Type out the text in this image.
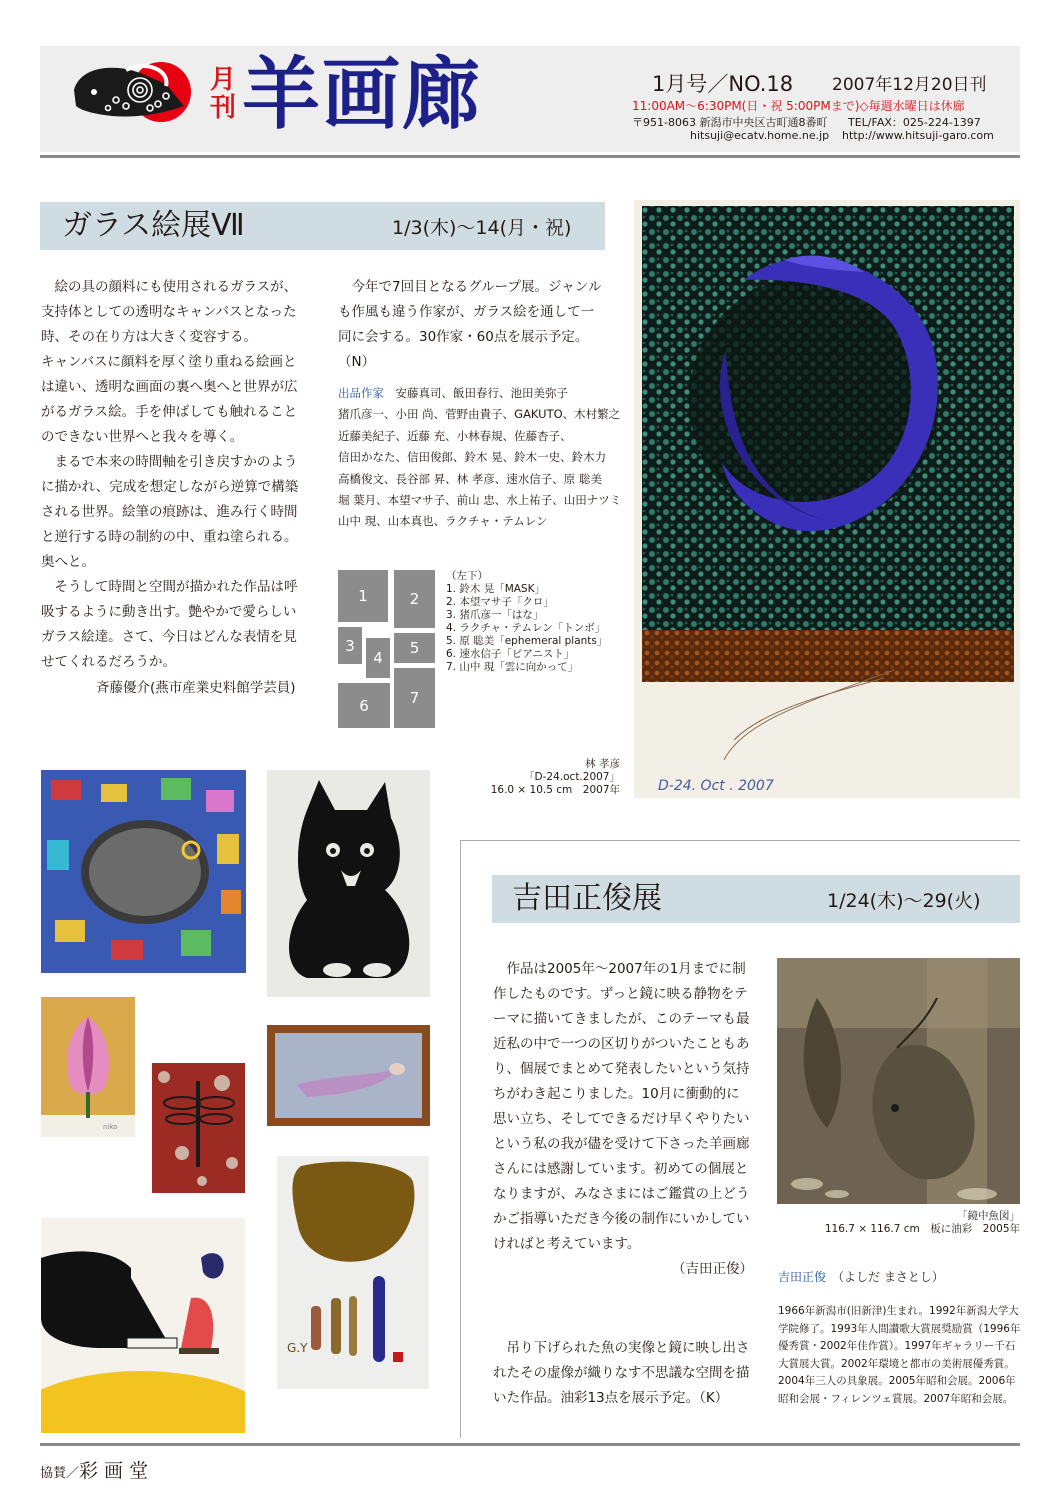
月刊 羊画廊	1月号／NO.18 2007年12月20日刊
11:00AM〜6:30PM(日・祝 5:00PMまで)◇毎週水曜日は休廊
〒951-8063 新潟市中央区古町通8番町 TEL/FAX：025-224-1397
hitsuji@ecatv.home.ne.jp http://www.hitsuji-garo.com
ガラス絵展Ⅶ	1/3(木)〜14(月・祝)

絵の具の顔料にも使用されるガラスが、支持体としての透明なキャンバスとなった時、その在り方は大きく変容する。

キャンバスに顔料を厚く塗り重ねる絵画とは違い、透明な画面の裏へ奥へと世界が広がるガラス絵。手を伸ばしても触れることのできない世界へと我々を導く。

まるで本来の時間軸を引き戻すかのように描かれ、完成を想定しながら逆算で構築される世界。絵筆の痕跡は、進み行く時間と逆行する時の制約の中、重ね塗られる。奥へと。

そうして時間と空間が描かれた作品は呼吸するように動き出す。艶やかで愛らしいガラス絵達。さて、今日はどんな表情を見せてくれるだろうか。

斉藤優介(燕市産業史料館学芸員)
今年で7回目となるグループ展。ジャンルも作風も違う作家が、ガラス絵を通して一同に会する。30作家・60点を展示予定。（N）
出品作家　 安藤真司、飯田春行、池田美弥子
猪爪彦一、小田 尚、菅野由貴子、GAKUTO、木村繁之
近藤美紀子、近藤 充、小林春規、佐藤杏子、
信田かなた、信田俊郎、鈴木 晃、鈴木一史、鈴木力
高橋俊文、長谷部 昇、林 孝彦、速水信子、原 聡美
堀 葉月、本望マサ子、前山 忠、水上祐子、山田ナツミ
山中 現、山本真也、ラクチャ・テムレン
1	2
3
4
5
6	7
（左下）
1. 鈴木 晃「MASK」
2. 本望マサ子「クロ」
3. 猪爪彦一「はな」
4. ラクチャ・テムレン「トンボ」
5. 原 聡美「ephemeral plants」
6. 速水信子「ピアニスト」
7. 山中 現「雲に向かって」
D-24. Oct . 2007
林 孝彦
「D-24.oct.2007」
16.0 × 10.5 cm　2007年
niko
G.Y
吉田正俊展	1/24(木)〜29(火)
作品は2005年〜2007年の1月までに制作したものです。ずっと鏡に映る静物をテーマに描いてきましたが、このテーマも最近私の中で一つの区切りがついたこともあり、個展でまとめて発表したいという気持ちがわき起こりました。10月に衝動的に思い立ち、そしてできるだけ早くやりたいという私の我が儘を受けて下さった羊画廊さんには感謝しています。初めての個展となりますが、みなさまにはご鑑賞の上どうかご指導いただき今後の制作にいかしていければと考えています。
（吉田正俊）
吊り下げられた魚の実像と鏡に映し出されたその虚像が織りなす不思議な空間を描いた作品。油彩13点を展示予定。（K）
「鏡中魚図」
116.7 × 116.7 cm　板に油彩　2005年
吉田正俊　 （よしだ まさとし）
1966年新潟市(旧新津)生まれ。1992年新潟大学大学院修了。1993年人間讃歌大賞展奨励賞（1996年優秀賞・2002年佳作賞）。1997年ギャラリー千石大賞展大賞。2002年環境と都市の美術展優秀賞。2004年三人の具象展。2005年昭和会展。2006年昭和会展・フィレンツェ賞展。2007年昭和会展。
協賛／彩 画 堂
